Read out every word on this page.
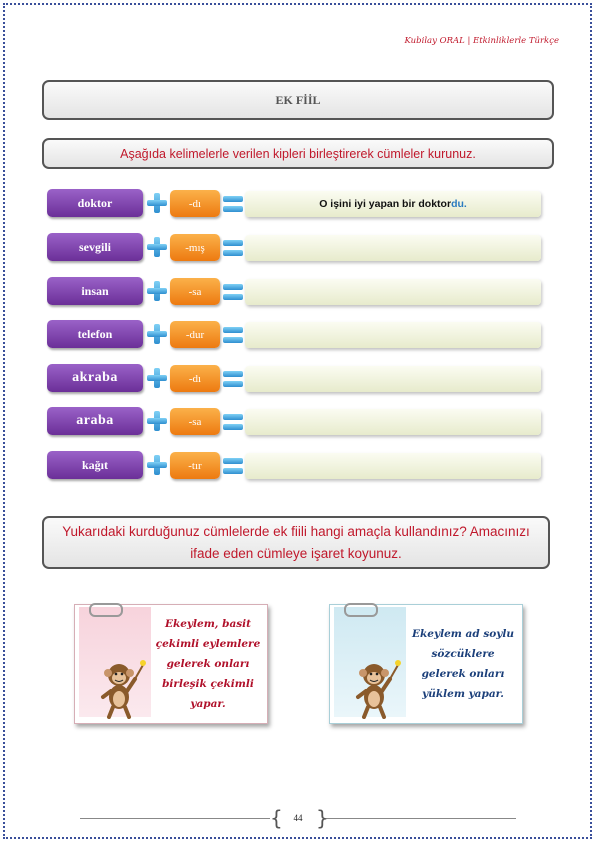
Kubilay ORAL | Etkinliklerle Türkçe
EK FİİL
Aşağıda kelimelerle verilen kipleri birleştirerek cümleler kurunuz.
doktor	-dı	O işini iyi yapan bir doktor du.
sevgili	-mış
insan	-sa
telefon	-dur
akraba	-dı
araba	-sa
kağıt	-tır
Yukarıdaki kurduğunuz cümlelerde ek fiili hangi amaçla kullandınız? Amacınızı ifade eden cümleye işaret koyunuz.
Ekeylem, basit çekimli eylemlere gelerek onları birleşik çekimli yapar.
Ekeylem ad soylu sözcüklere gelerek onları yüklem yapar.
{ }
44
